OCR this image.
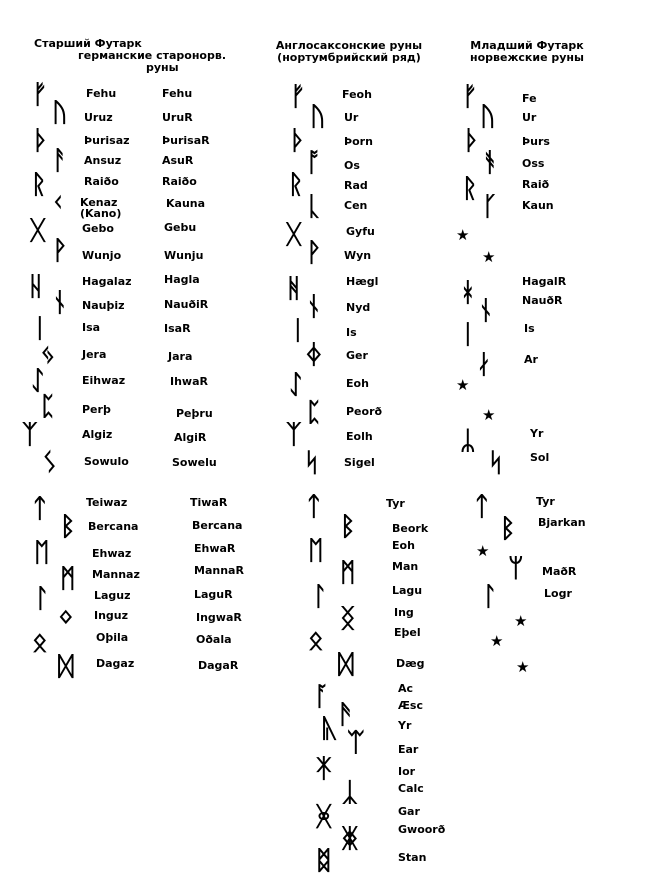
Старший Футарк
германские старонорв.
руны
Англосаксонские руны
(нортумбрийский ряд)
Младший Футарк
норвежские руны
ᚠ
ᚢ
ᚦ
ᚨ
ᚱ
ᚲ
ᚷ
ᚹ
ᚺ
ᚾ
ᛁ
ᛃ
ᛇ
ᛈ
ᛉ
ᛊ
ᛏ
ᛒ
ᛖ
ᛗ
ᛚ
ᛜ
ᛟ
ᛞ
Fehu
Uruz
Þurisaz
Ansuz
Raiðo
Kenaz
(Kano)
Gebo
Wunjo
Hagalaz
Nauþiz
Isa
Jera
Eihwaz
Perþ
Algiz
Sowulo
Teiwaz
Bercana
Ehwaz
Mannaz
Laguz
Inguz
Oþila
Dagaz
Fehu
UruR
ÞurisaR
AsuR
Raiðo
Kauna
Gebu
Wunju
Hagla
NauðiR
IsaR
Jara
IhwaR
Peþru
AlgiR
Sowelu
TiwaR
Bercana
EhwaR
MannaR
LaguR
IngwaR
Oðala
DagaR
ᚠ
ᚢ
ᚦ
ᚩ
ᚱ
ᚳ
ᚷ
ᚹ
ᚻ
ᚾ
ᛁ
ᛄ
ᛇ
ᛈ
ᛉ
ᛋ
ᛏ
ᛒ
ᛖ
ᛗ
ᛚ
ᛝ
ᛟ
ᛞ
ᚪ
ᚫ
ᚣ ᛠ
ᛡ
ᛣ
ᚸ
ᛤ
ᛥ
Feoh
Ur
Þorn
Os
Rad
Cen
Gyfu
Wyn
Hægl
Nyd
Is
Ger
Eoh
Peorð
Eolh
Sigel
Tyr
Beork
Eoh
Man
Lagu
Ing
Eþel
Dæg
Ac
Æsc
Yr
Ear
Ior
Calc
Gar
Gwoorð
Stan
ᚠ
ᚢ
ᚦ
ᚬ
ᚱ
ᚴ
ᚼ
ᚾ
ᛁ
ᛅ
ᛦ
ᛋ
ᛏ
ᛒ
ᛘ
ᛚ
★
★
★
★
★
★
★
★
Fe
Ur
Þurs
Oss
Raið
Kaun
HagalR
NauðR
Is
Ar
Yr
Sol
Tyr
Bjarkan
MaðR
Logr
